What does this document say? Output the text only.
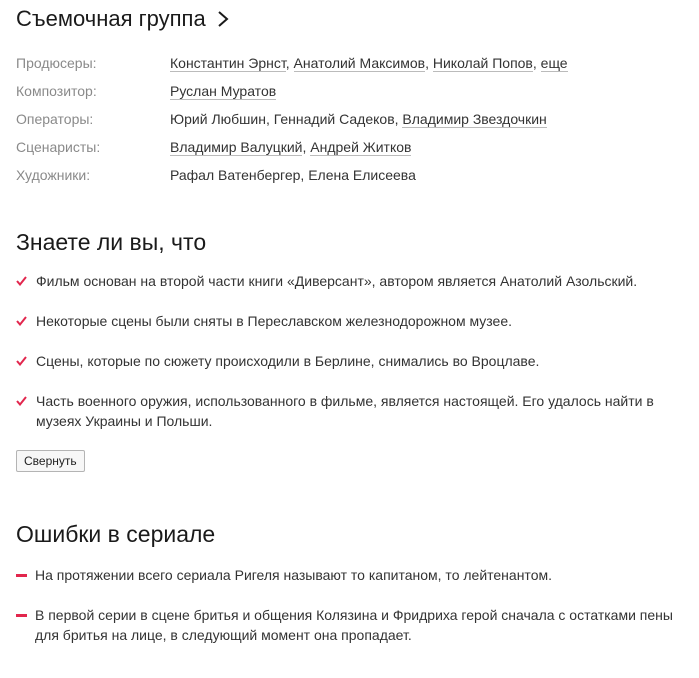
Съемочная группа
Продюсеры:	Константин Эрнст, Анатолий Максимов, Николай Попов, еще
Композитор:	Руслан Муратов
Операторы:	Юрий Любшин, Геннадий Садеков, Владимир Звездочкин
Сценаристы:	Владимир Валуцкий, Андрей Житков
Художники:	Рафал Ватенбергер, Елена Елисеева
Знаете ли вы, что
Фильм основан на второй части книги «Диверсант», автором является Анатолий Азольский.
Некоторые сцены были сняты в Переславском железнодорожном музее.
Сцены, которые по сюжету происходили в Берлине, снимались во Вроцлаве.
Часть военного оружия, использованного в фильме, является настоящей. Его удалось найти в музеях Украины и Польши.
Свернуть
Ошибки в сериале
На протяжении всего сериала Ригеля называют то капитаном, то лейтенантом.
В первой серии в сцене бритья и общения Колязина и Фридриха герой сначала с остатками пены для бритья на лице, в следующий момент она пропадает.
